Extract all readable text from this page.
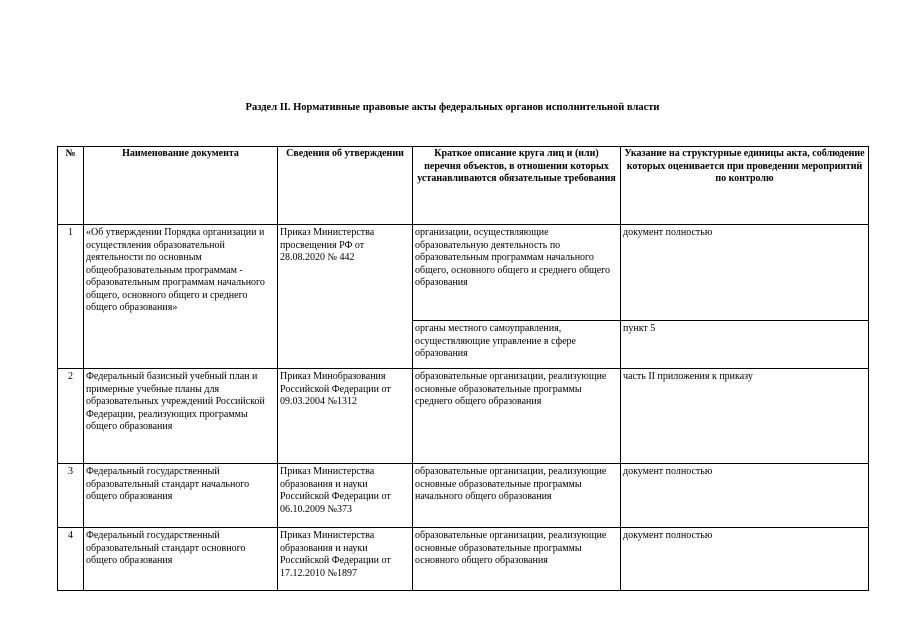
Раздел II. Нормативные правовые акты федеральных органов исполнительной власти
№	Наименование документа	Сведения об утверждении	Краткое описание круга лиц и (или) перечня объектов, в отношении которых устанавливаются обязательные требования	Указание на структурные единицы акта, соблюдение которых оценивается при проведении мероприятий по контролю
1	«Об утверждении Порядка организации и осуществления образовательной деятельности по основным общеобразовательным программам - образовательным программам начального общего, основного общего и среднего общего образования»	Приказ Министерства просвещения РФ от 28.08.2020 № 442	организации, осуществляющие образовательную деятельность по образовательным программам начального общего, основного общего и среднего общего образования	документ полностью
			органы местного самоуправления, осуществляющие управление в сфере образования	пункт 5
2	Федеральный базисный учебный план и примерные учебные планы для образовательных учреждений Российской Федерации, реализующих программы общего образования	Приказ Минобразования Российской Федерации от 09.03.2004 №1312	образовательные организации, реализующие основные образовательные программы среднего общего образования	часть II приложения к приказу
3	Федеральный государственный образовательный стандарт начального общего образования	Приказ Министерства образования и науки Российской Федерации от 06.10.2009 №373	образовательные организации, реализующие основные образовательные программы начального общего образования	документ полностью
4	Федеральный государственный образовательный стандарт основного общего образования	Приказ Министерства образования и науки Российской Федерации от 17.12.2010 №1897	образовательные организации, реализующие основные образовательные программы основного общего образования	документ полностью
